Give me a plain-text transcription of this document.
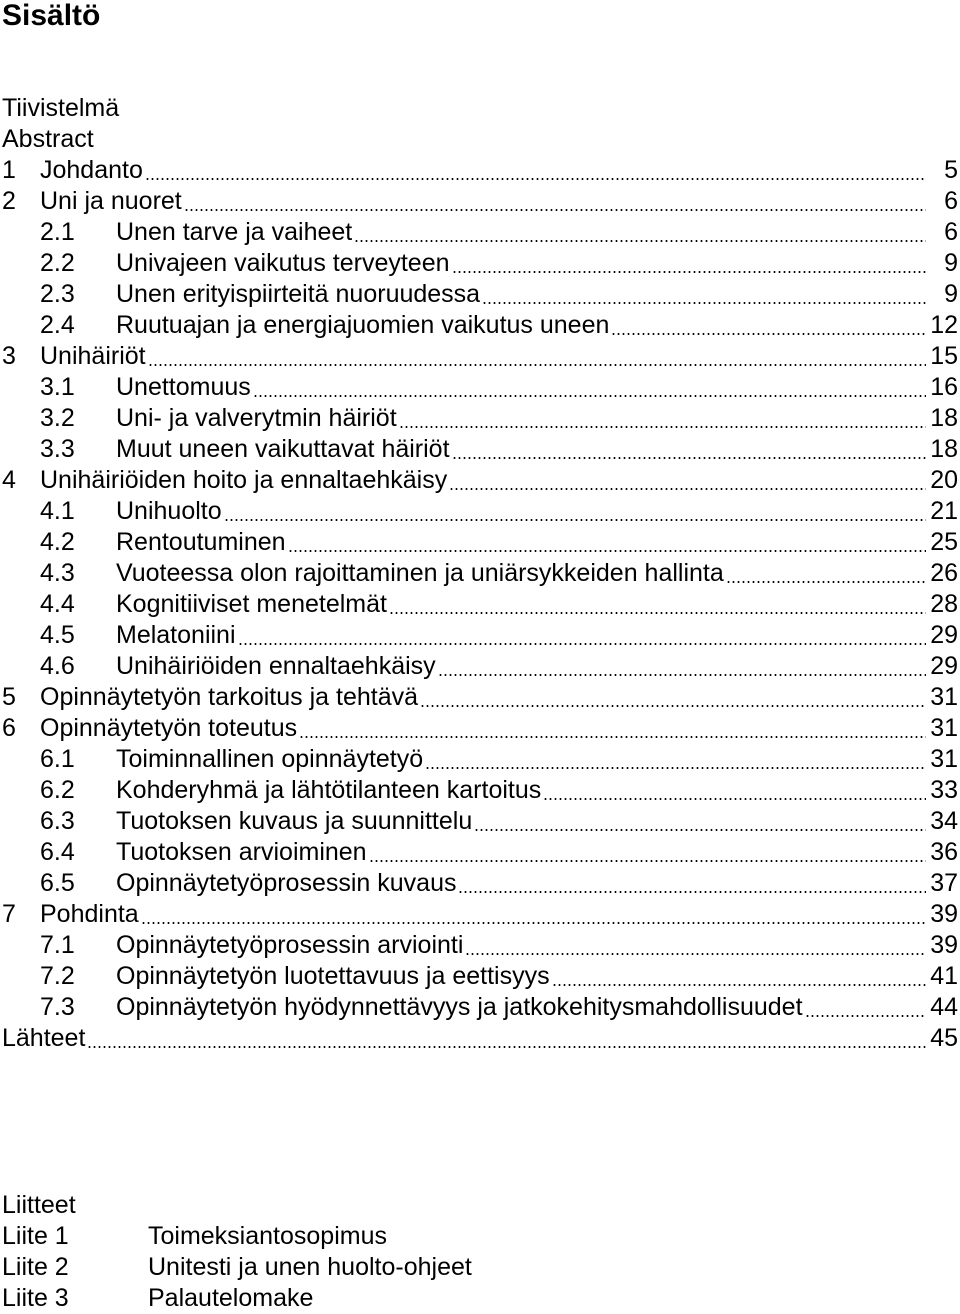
Sisältö
Tiivistelmä
Abstract
1 Johdanto	5
2 Uni ja nuoret	6
2.1 Unen tarve ja vaiheet	6
2.2 Univajeen vaikutus terveyteen	9
2.3 Unen erityispiirteitä nuoruudessa	9
2.4 Ruutuajan ja energiajuomien vaikutus uneen	12
3 Unihäiriöt	15
3.1 Unettomuus	16
3.2 Uni- ja valverytmin häiriöt	18
3.3 Muut uneen vaikuttavat häiriöt	18
4 Unihäiriöiden hoito ja ennaltaehkäisy	20
4.1 Unihuolto	21
4.2 Rentoutuminen	25
4.3 Vuoteessa olon rajoittaminen ja uniärsykkeiden hallinta	26
4.4 Kognitiiviset menetelmät	28
4.5 Melatoniini	29
4.6 Unihäiriöiden ennaltaehkäisy	29
5 Opinnäytetyön tarkoitus ja tehtävä	31
6 Opinnäytetyön toteutus	31
6.1 Toiminnallinen opinnäytetyö	31
6.2 Kohderyhmä ja lähtötilanteen kartoitus	33
6.3 Tuotoksen kuvaus ja suunnittelu	34
6.4 Tuotoksen arvioiminen	36
6.5 Opinnäytetyöprosessin kuvaus	37
7 Pohdinta	39
7.1 Opinnäytetyöprosessin arviointi	39
7.2 Opinnäytetyön luotettavuus ja eettisyys	41
7.3 Opinnäytetyön hyödynnettävyys ja jatkokehitysmahdollisuudet	44
Lähteet	45
Liitteet
Liite 1	Toimeksiantosopimus
Liite 2	Unitesti ja unen huolto-ohjeet
Liite 3	Palautelomake
